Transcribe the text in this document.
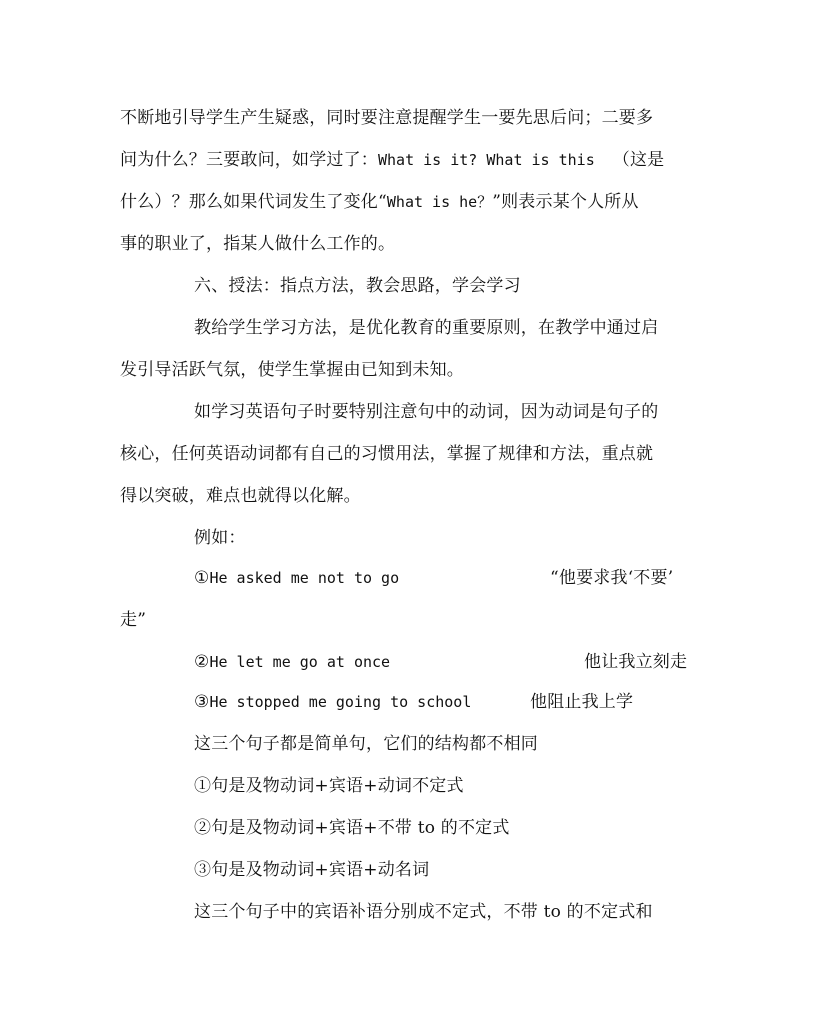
不断地引导学生产生疑惑，同时要注意提醒学生一要先思后问；二要多
问为什么？三要敢问，如学过了：What is it? What is this （这是
什么）？那么如果代词发生了变化“What is he？”则表示某个人所从
事的职业了，指某人做什么工作的。
六、授法：指点方法，教会思路，学会学习
教给学生学习方法，是优化教育的重要原则，在教学中通过启
发引导活跃气氛，使学生掌握由已知到未知。
如学习英语句子时要特别注意句中的动词，因为动词是句子的
核心，任何英语动词都有自己的习惯用法，掌握了规律和方法，重点就
得以突破，难点也就得以化解。
例如：
①He asked me not to go	“他要求我‘不要’
走”
②He let me go at once	他让我立刻走
③He stopped me going to school	他阻止我上学
这三个句子都是简单句，它们的结构都不相同
①句是及物动词+宾语+动词不定式
②句是及物动词+宾语+不带 to 的不定式
③句是及物动词+宾语+动名词
这三个句子中的宾语补语分别成不定式，不带 to 的不定式和
